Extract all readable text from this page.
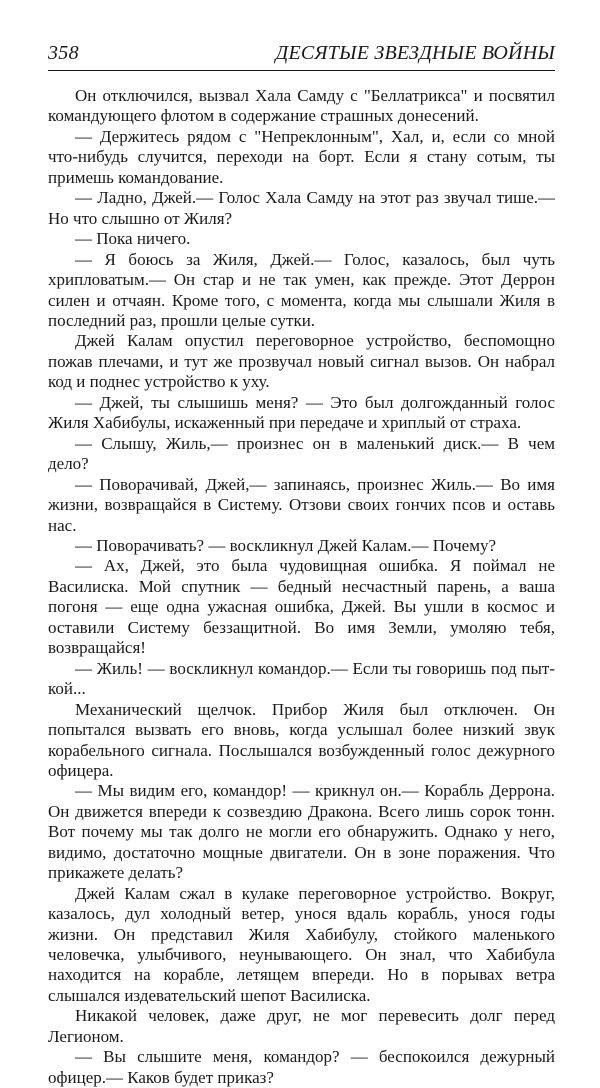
358	ДЕСЯТЫЕ ЗВЕЗДНЫЕ ВОЙНЫ

Он отключился, вызвал Хала Самду с "Беллатрикса" и посвятил командующего флотом в содержание страшных донесений.

— Держитесь рядом с "Непреклонным", Хал, и, если со мной что-нибудь случится, переходи на борт. Если я стану сотым, ты примешь командование.

— Ладно, Джей.— Голос Хала Самду на этот раз звучал тише.— Но что слышно от Жиля?

— Пока ничего.

— Я боюсь за Жиля, Джей.— Голос, казалось, был чуть хрипловатым.— Он стар и не так умен, как прежде. Этот Деррон силен и отчаян. Кроме того, с момента, когда мы слышали Жиля в последний раз, прошли целые сутки.

Джей Калам опустил переговорное устройство, беспомощно пожав плечами, и тут же прозвучал новый сигнал вызов. Он набрал код и поднес устройство к уху.

— Джей, ты слышишь меня? — Это был долгожданный голос Жиля Хабибулы, искаженный при передаче и хриплый от страха.

— Слышу, Жиль,— произнес он в маленький диск.— В чем дело?

— Поворачивай, Джей,— запинаясь, произнес Жиль.— Во имя жизни, возвращайся в Систему. Отзови своих гончих псов и оставь нас.

— Поворачивать? — воскликнул Джей Калам.— Почему?

— Ах, Джей, это была чудовищная ошибка. Я поймал не Василиска. Мой спутник — бедный несчастный парень, а ваша погоня — еще одна ужасная ошибка, Джей. Вы ушли в космос и оставили Систему беззащитной. Во имя Земли, умоляю тебя, возвращайся!

— Жиль! — воскликнул командор.— Если ты говоришь под пыткой...

Механический щелчок. Прибор Жиля был отключен. Он попытался вызвать его вновь, когда услышал более низкий звук корабельного сигнала. Послышался возбужденный голос дежурного офицера.

— Мы видим его, командор! — крикнул он.— Корабль Деррона. Он движется впереди к созвездию Дракона. Всего лишь сорок тонн. Вот почему мы так долго не могли его обнаружить. Однако у него, видимо, достаточно мощные двигатели. Он в зоне поражения. Что прикажете делать?

Джей Калам сжал в кулаке переговорное устройство. Вокруг, казалось, дул холодный ветер, унося вдаль корабль, унося годы жизни. Он представил Жиля Хабибулу, стойкого маленького человечка, улыбчивого, неунывающего. Он знал, что Хабибула находится на корабле, летящем впереди. Но в порывах ветра слышался издевательский шепот Василиска.

Никакой человек, даже друг, не мог перевесить долг перед Легионом.

— Вы слышите меня, командор? — беспокоился дежурный офицер.— Каков будет приказ?
